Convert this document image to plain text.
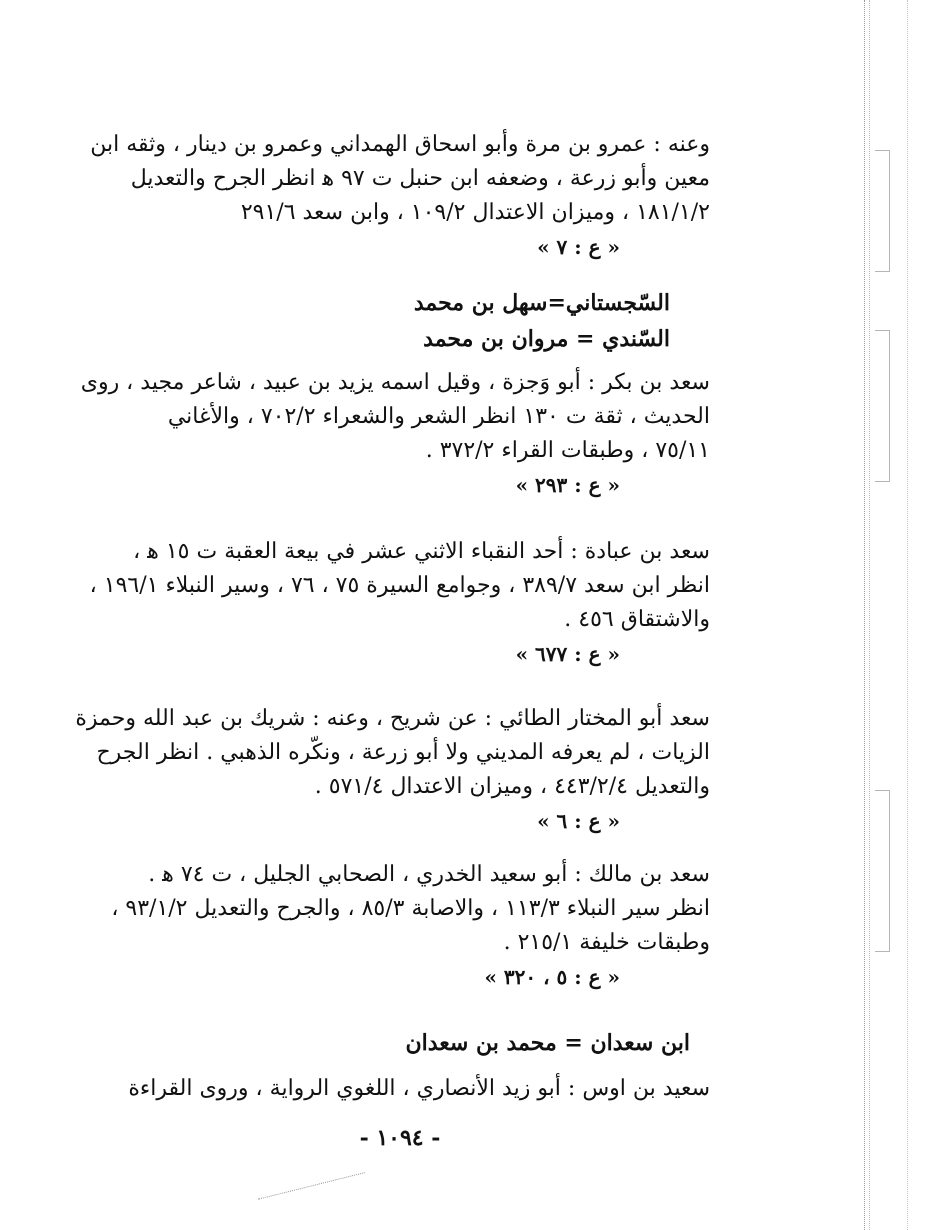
وعنه : عمرو بن مرة وأبو اسحاق الهمداني وعمرو بن دينار ، وثقه ابن
معين وأبو زرعة ، وضعفه ابن حنبل ت ٩٧ ﻫ انظر الجرح والتعديل
١٨١/١/٢ ، وميزان الاعتدال ١٠٩/٢ ، وابن سعد ٢٩١/٦
« ع : ٧ »
السّجستاني=سهل بن محمد
السّندي = مروان بن محمد
سعد بن بكر : أبو وَجزة ، وقيل اسمه يزيد بن عبيد ، شاعر مجيد ، روى
الحديث ، ثقة ت ١٣٠ انظر الشعر والشعراء ٧٠٢/٢ ، والأغاني
٧٥/١١ ، وطبقات القراء ٣٧٢/٢ .
« ع : ٢٩٣ »
سعد بن عبادة : أحد النقباء الاثني عشر في بيعة العقبة ت ١٥ ﻫ ،
انظر ابن سعد ٣٨٩/٧ ، وجوامع السيرة ٧٥ ، ٧٦ ، وسير النبلاء ١٩٦/١ ،
والاشتقاق ٤٥٦ .
« ع : ٦٧٧ »
سعد أبو المختار الطائي : عن شريح ، وعنه : شريك بن عبد الله وحمزة
الزيات ، لم يعرفه المديني ولا أبو زرعة ، ونكّره الذهبي . انظر الجرح
والتعديل ٤٤٣/٢/٤ ، وميزان الاعتدال ٥٧١/٤ .
« ع : ٦ »
سعد بن مالك : أبو سعيد الخدري ، الصحابي الجليل ، ت ٧٤ ﻫ .
انظر سير النبلاء ١١٣/٣ ، والاصابة ٨٥/٣ ، والجرح والتعديل ٩٣/١/٢ ،
وطبقات خليفة ٢١٥/١ .
« ع : ٥ ، ٣٢٠ »
ابن سعدان = محمد بن سعدان
سعيد بن اوس : أبو زيد الأنصاري ، اللغوي الرواية ، وروى القراءة
- ١٠٩٤ -
